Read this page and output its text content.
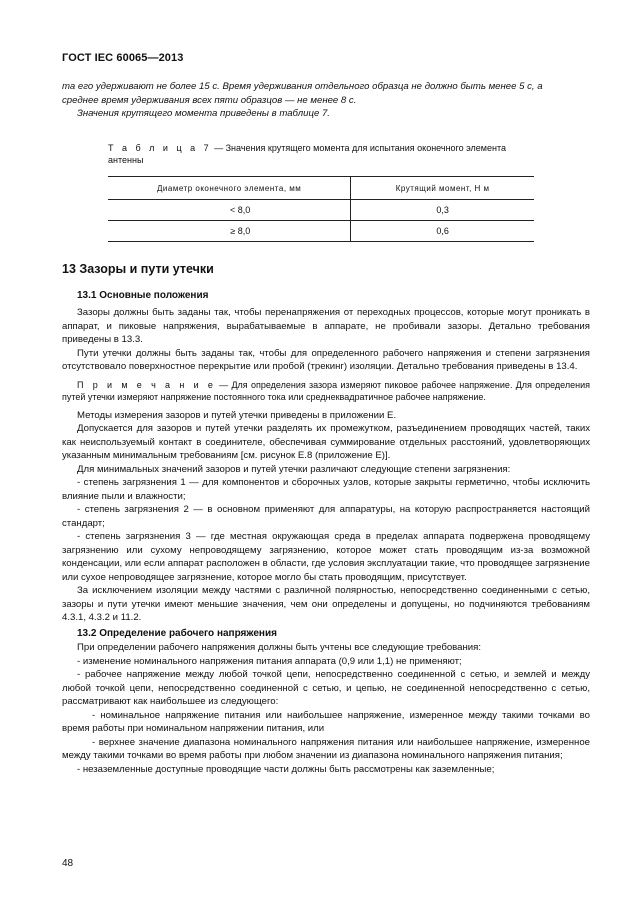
ГОСТ IEC 60065—2013

та его удерживают не более 15 с. Время удерживания отдельного образца не должно быть менее 5 с, а

среднее время удерживания всех пяти образцов — не менее 8 с.

Значения крутящего момента приведены в таблице 7.

Т а б л и ц а 7 — Значения крутящего момента для испытания оконечного элемента антенны
Диаметр оконечного элемента, мм	Крутящий момент, Н м
< 8,0	0,3
≥ 8,0	0,6

13 Зазоры и пути утечки

13.1 Основные положения

Зазоры должны быть заданы так, чтобы перенапряжения от переходных процессов, которые могут проникать в аппарат, и пиковые напряжения, вырабатываемые в аппарате, не пробивали зазоры. Детально требования приведены в 13.3.

Пути утечки должны быть заданы так, чтобы для определенного рабочего напряжения и степени загрязнения отсутствовало поверхностное перекрытие или пробой (трекинг) изоляции. Детально требования приведены в 13.4.

П р и м е ч а н и е — Для определения зазора измеряют пиковое рабочее напряжение. Для определения путей утечки измеряют напряжение постоянного тока или среднеквадратичное рабочее напряжение.

Методы измерения зазоров и путей утечки приведены в приложении Е.

Допускается для зазоров и путей утечки разделять их промежутком, разъединением проводящих частей, таких как неиспользуемый контакт в соединителе, обеспечивая суммирование отдельных расстояний, удовлетворяющих указанным минимальным требованиям [см. рисунок Е.8 (приложение Е)].

Для минимальных значений зазоров и путей утечки различают следующие степени загрязнения:

- степень загрязнения 1 — для компонентов и сборочных узлов, которые закрыты герметично, чтобы исключить влияние пыли и влажности;

- степень загрязнения 2 — в основном применяют для аппаратуры, на которую распространяется настоящий стандарт;

- степень загрязнения 3 — где местная окружающая среда в пределах аппарата подвержена проводящему загрязнению или сухому непроводящему загрязнению, которое может стать проводящим из-за возможной конденсации, или если аппарат расположен в области, где условия эксплуатации такие, что проводящее загрязнение или сухое непроводящее загрязнение, которое могло бы стать проводящим, присутствует.

За исключением изоляции между частями с различной полярностью, непосредственно соединенными с сетью, зазоры и пути утечки имеют меньшие значения, чем они определены и допущены, но подчиняются требованиям 4.3.1, 4.3.2 и 11.2.

13.2 Определение рабочего напряжения

При определении рабочего напряжения должны быть учтены все следующие требования:

- изменение номинального напряжения питания аппарата (0,9 или 1,1) не применяют;

- рабочее напряжение между любой точкой цепи, непосредственно соединенной с сетью, и землей и между любой точкой цепи, непосредственно соединенной с сетью, и цепью, не соединенной непосредственно с сетью, рассматривают как наибольшее из следующего:

- номинальное напряжение питания или наибольшее напряжение, измеренное между такими точками во время работы при номинальном напряжении питания, или

- верхнее значение диапазона номинального напряжения питания или наибольшее напряжение, измеренное между такими точками во время работы при любом значении из диапазона номинального напряжения питания;

- незаземленные доступные проводящие части должны быть рассмотрены как заземленные;

48
